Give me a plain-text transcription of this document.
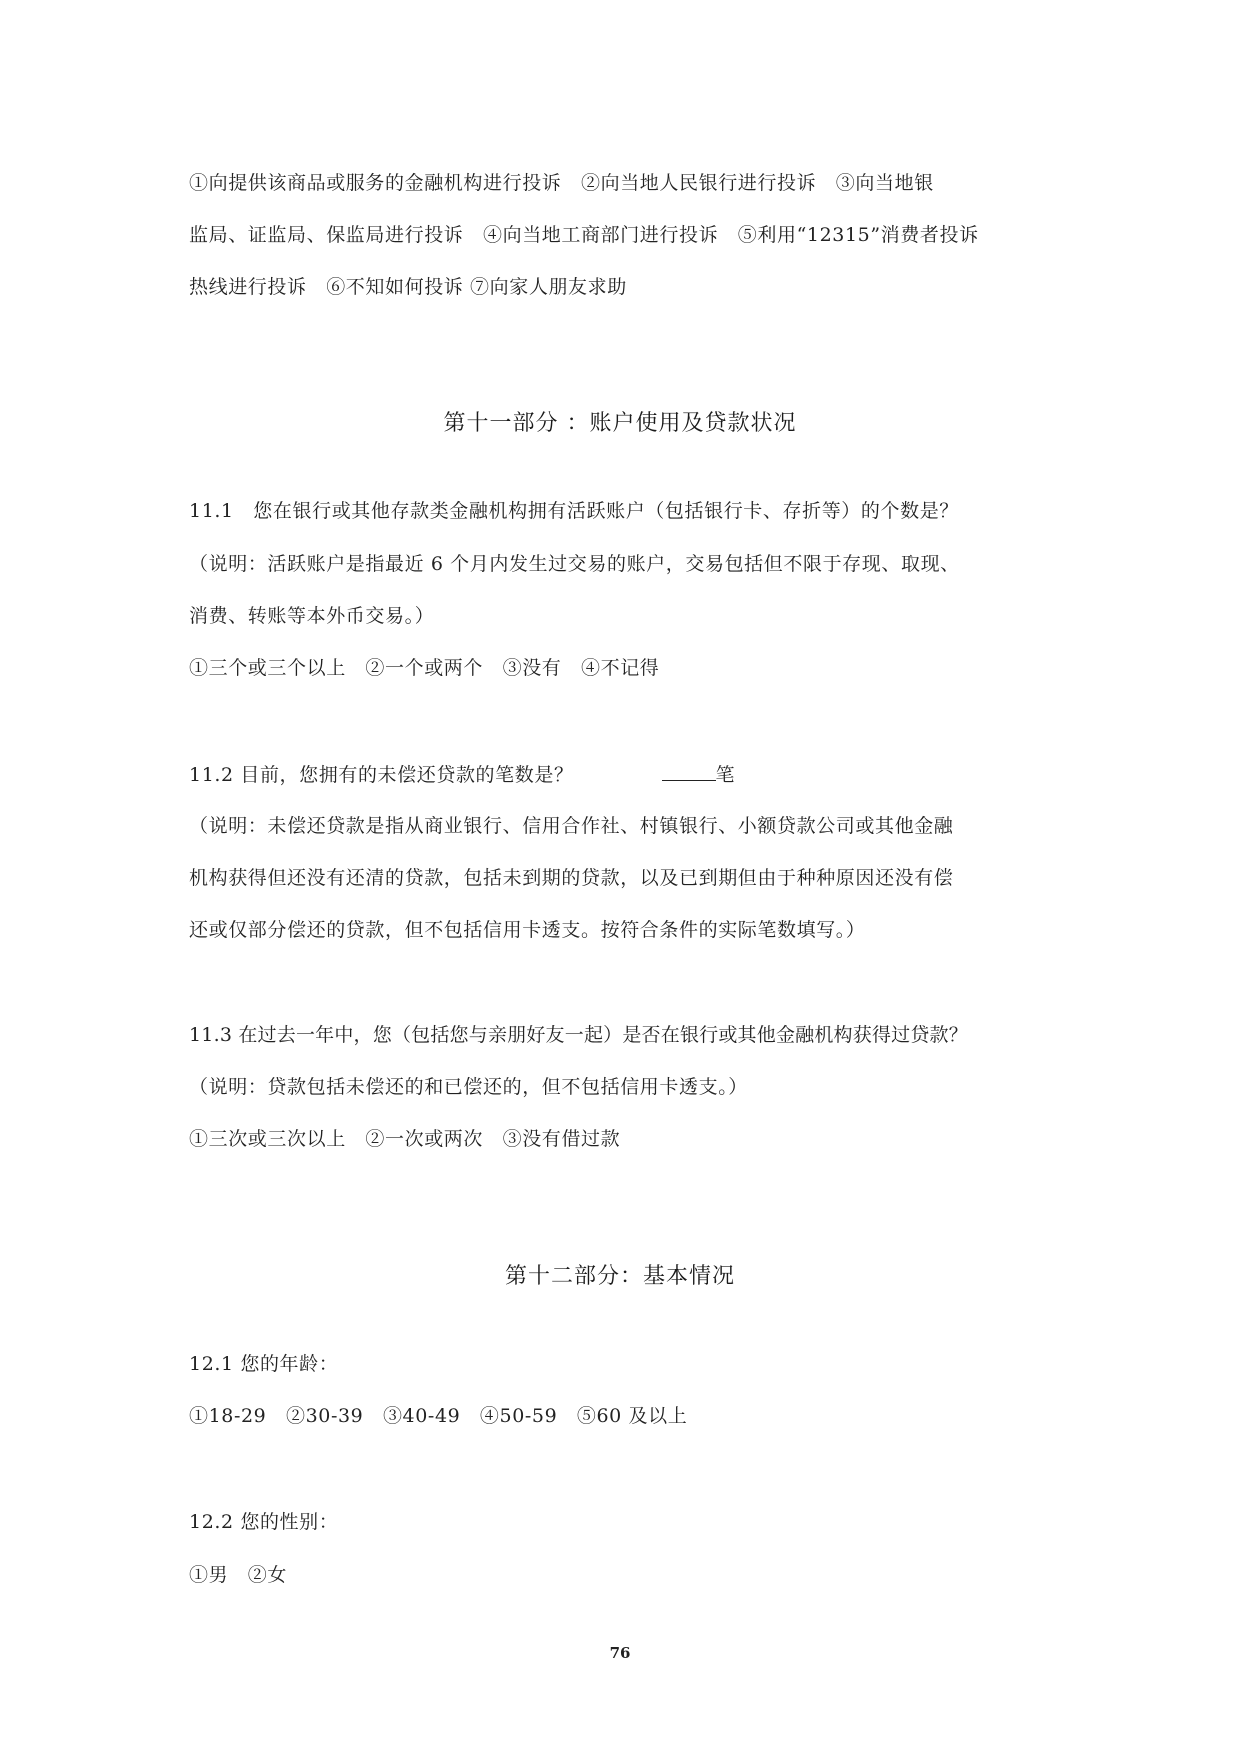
①向提供该商品或服务的金融机构进行投诉　②向当地人民银行进行投诉　③向当地银
监局、证监局、保监局进行投诉　④向当地工商部门进行投诉　⑤利用“12315”消费者投诉
热线进行投诉　⑥不知如何投诉 ⑦向家人朋友求助
第十一部分 ：账户使用及贷款状况
11.1　您在银行或其他存款类金融机构拥有活跃账户（包括银行卡、存折等）的个数是？
（说明：活跃账户是指最近 6 个月内发生过交易的账户，交易包括但不限于存现、取现、
消费、转账等本外币交易。）
①三个或三个以上　②一个或两个　③没有　④不记得
11.2 目前，您拥有的未偿还贷款的笔数是？	笔
（说明：未偿还贷款是指从商业银行、信用合作社、村镇银行、小额贷款公司或其他金融
机构获得但还没有还清的贷款，包括未到期的贷款，以及已到期但由于种种原因还没有偿
还或仅部分偿还的贷款，但不包括信用卡透支。按符合条件的实际笔数填写。）
11.3 在过去一年中，您（包括您与亲朋好友一起）是否在银行或其他金融机构获得过贷款？
（说明：贷款包括未偿还的和已偿还的，但不包括信用卡透支。）
①三次或三次以上　②一次或两次　③没有借过款
第十二部分：基本情况
12.1 您的年龄：
①18-29　②30-39　③40-49　④50-59　⑤60 及以上
12.2 您的性别：
①男　②女
76
